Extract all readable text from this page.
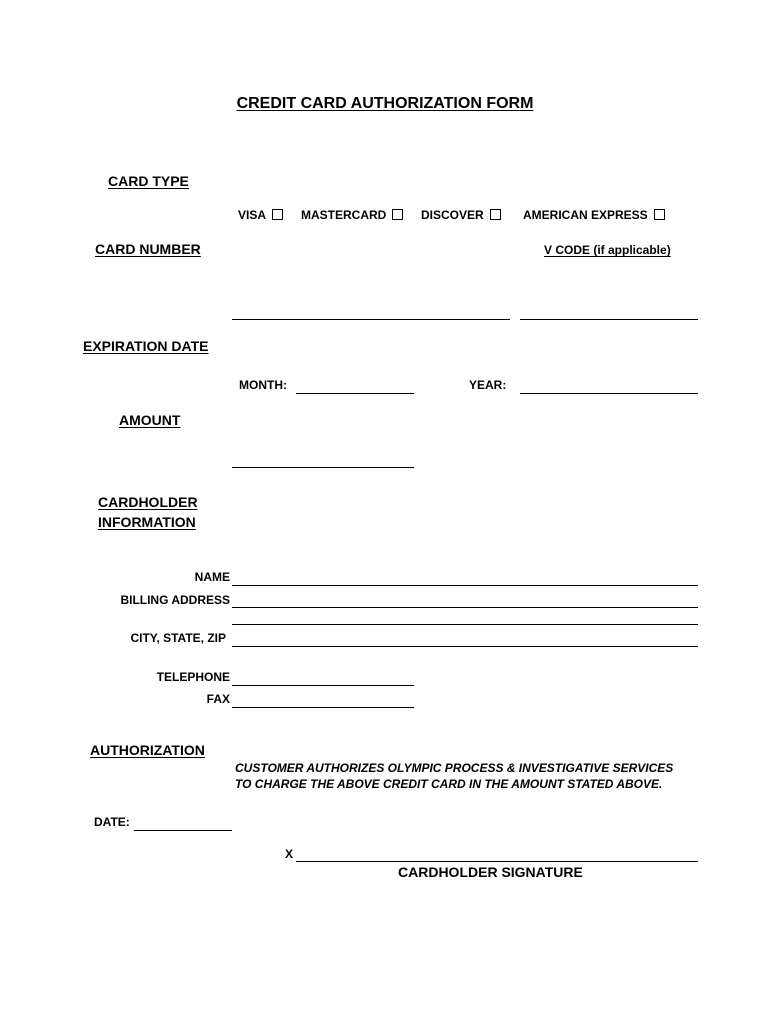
CREDIT CARD AUTHORIZATION FORM
CARD TYPE
VISA	MASTERCARD	DISCOVER	AMERICAN EXPRESS
CARD NUMBER	V CODE (if applicable)
EXPIRATION DATE
MONTH:	YEAR:
AMOUNT
CARDHOLDER
INFORMATION
NAME
BILLING ADDRESS
CITY, STATE, ZIP
TELEPHONE
FAX
AUTHORIZATION
CUSTOMER AUTHORIZES OLYMPIC PROCESS & INVESTIGATIVE SERVICES
TO CHARGE THE ABOVE CREDIT CARD IN THE AMOUNT STATED ABOVE.
DATE:
X
CARDHOLDER SIGNATURE
